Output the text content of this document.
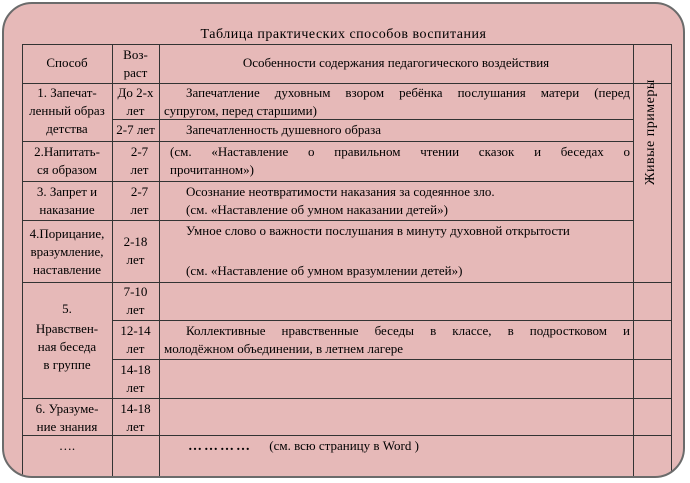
Таблица практических способов воспитания
Способ
Воз-
раст
Особенности содержания педагогического воздействия
Живые примеры
1. Запечат-
ленный образ
детства
До 2-х
лет
Запечатление духовным взором ребёнка послушания матери (перед
супругом, перед старшими)
2-7 лет	Запечатленность душевного образа
2.Напитать-
ся образом
2-7
лет
(см. «Наставление о правильном чтении сказок и беседах о
прочитанном»)
3. Запрет и
наказание
2-7
лет
Осознание неотвратимости наказания за содеянное зло.
(см. «Наставление об умном наказании детей»)
4.Порицание,
вразумление,
наставление
2-18
лет
Умное слово о важности послушания в минуту духовной открытости
(см. «Наставление об умном вразумлении детей»)
5.
Нравствен-
ная беседа
в группе
7-10
лет
12-14
лет
Коллективные нравственные беседы в классе, в подростковом и
молодёжном объединении, в летнем лагере
14-18
лет
6. Уразуме-
ние знания
14-18
лет
….	………… (см. всю страницу в Word )
